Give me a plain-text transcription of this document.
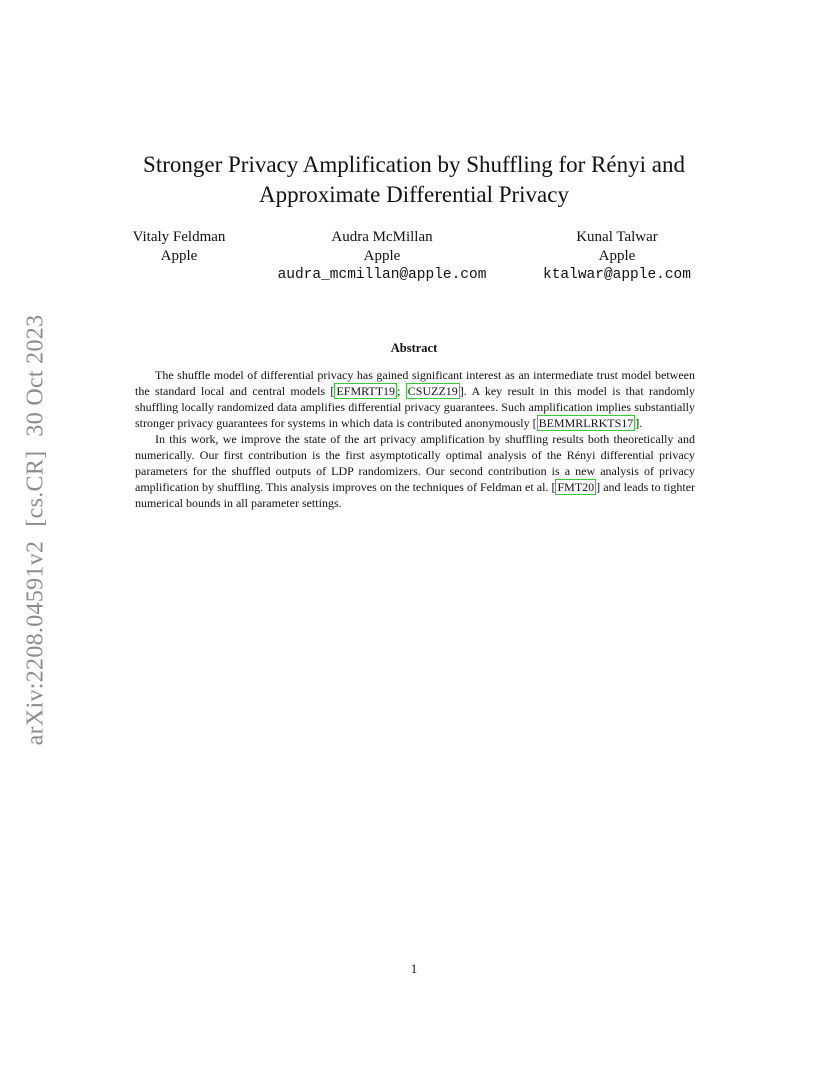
arXiv:2208.04591v2[cs.CR]30 Oct 2023
Stronger Privacy Amplification by Shuffling for Rényi and
Approximate Differential Privacy
Vitaly Feldman
Apple
Audra McMillan
Apple
audra_mcmillan@apple.com
Kunal Talwar
Apple
ktalwar@apple.com
Abstract

The shuffle model of differential privacy has gained significant interest as an intermediate trust model between the standard local and central models [ EFMRTT19 ; CSUZZ19 ]. A key result in this model is that randomly shuffling locally randomized data amplifies differential privacy guarantees. Such amplification implies substantially stronger privacy guarantees for systems in which data is contributed anonymously [ BEMMRLRKTS17 ].

In this work, we improve the state of the art privacy amplification by shuffling results both theoretically and numerically. Our first contribution is the first asymptotically optimal analysis of the Rényi differential privacy parameters for the shuffled outputs of LDP randomizers. Our second contribution is a new analysis of privacy amplification by shuffling. This analysis improves on the techniques of Feldman et al. [ FMT20 ] and leads to tighter numerical bounds in all parameter settings.

1
